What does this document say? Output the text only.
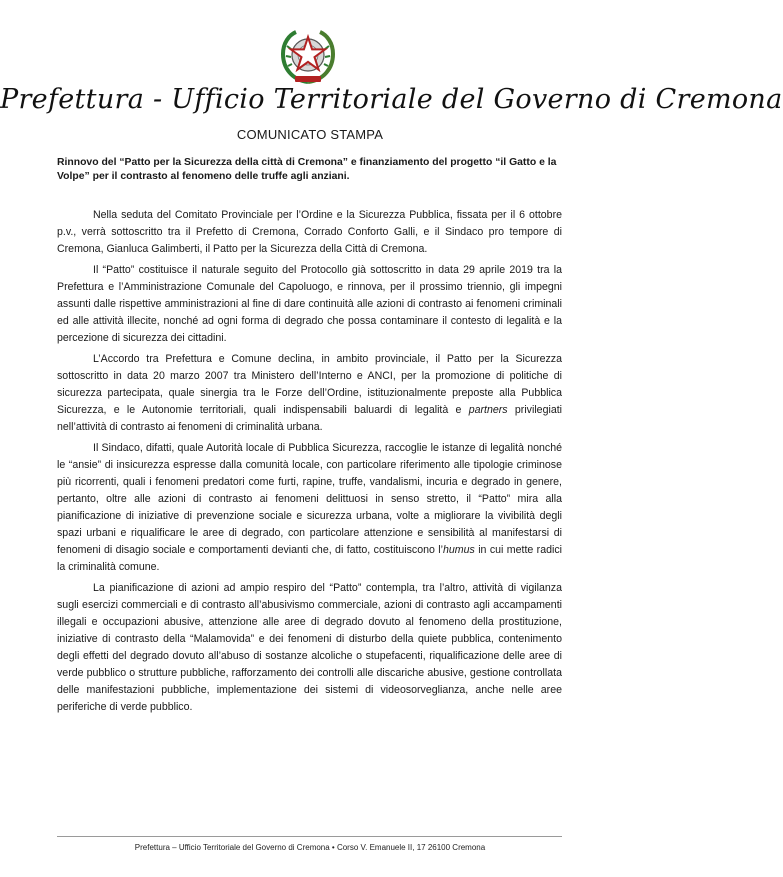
Prefettura - Ufficio Territoriale del Governo di Cremona
COMUNICATO STAMPA
Rinnovo del “Patto per la Sicurezza della città di Cremona” e finanziamento del progetto “il Gatto e la Volpe” per il contrasto al fenomeno delle truffe agli anziani.

Nella seduta del Comitato Provinciale per l’Ordine e la Sicurezza Pubblica, fissata per il 6 ottobre p.v., verrà sottoscritto tra il Prefetto di Cremona, Corrado Conforto Galli, e il Sindaco pro tempore di Cremona, Gianluca Galimberti, il Patto per la Sicurezza della Città di Cremona.

Il “Patto” costituisce il naturale seguito del Protocollo già sottoscritto in data 29 aprile 2019 tra la Prefettura e l’Amministrazione Comunale del Capoluogo, e rinnova, per il prossimo triennio, gli impegni assunti dalle rispettive amministrazioni al fine di dare continuità alle azioni di contrasto ai fenomeni criminali ed alle attività illecite, nonché ad ogni forma di degrado che possa contaminare il contesto di legalità e la percezione di sicurezza dei cittadini.

L’Accordo tra Prefettura e Comune declina, in ambito provinciale, il Patto per la Sicurezza sottoscritto in data 20 marzo 2007 tra Ministero dell’Interno e ANCI, per la promozione di politiche di sicurezza partecipata, quale sinergia tra le Forze dell’Ordine, istituzionalmente preposte alla Pubblica Sicurezza, e le Autonomie territoriali, quali indispensabili baluardi di legalità e partners privilegiati nell’attività di contrasto ai fenomeni di criminalità urbana.

Il Sindaco, difatti, quale Autorità locale di Pubblica Sicurezza, raccoglie le istanze di legalità nonché le “ansie” di insicurezza espresse dalla comunità locale, con particolare riferimento alle tipologie criminose più ricorrenti, quali i fenomeni predatori come furti, rapine, truffe, vandalismi, incuria e degrado in genere, pertanto, oltre alle azioni di contrasto ai fenomeni delittuosi in senso stretto, il “Patto” mira alla pianificazione di iniziative di prevenzione sociale e sicurezza urbana, volte a migliorare la vivibilità degli spazi urbani e riqualificare le aree di degrado, con particolare attenzione e sensibilità al manifestarsi di fenomeni di disagio sociale e comportamenti devianti che, di fatto, costituiscono l’humus in cui mette radici la criminalità comune.

La pianificazione di azioni ad ampio respiro del “Patto” contempla, tra l’altro, attività di vigilanza sugli esercizi commerciali e di contrasto all’abusivismo commerciale, azioni di contrasto agli accampamenti illegali e occupazioni abusive, attenzione alle aree di degrado dovuto al fenomeno della prostituzione, iniziative di contrasto della “Malamovida” e dei fenomeni di disturbo della quiete pubblica, contenimento degli effetti del degrado dovuto all’abuso di sostanze alcoliche o stupefacenti, riqualificazione delle aree di verde pubblico o strutture pubbliche, rafforzamento dei controlli alle discariche abusive, gestione controllata delle manifestazioni pubbliche, implementazione dei sistemi di videosorveglianza, anche nelle aree periferiche di verde pubblico.

Prefettura – Ufficio Territoriale del Governo di Cremona • Corso V. Emanuele II, 17 26100 Cremona
